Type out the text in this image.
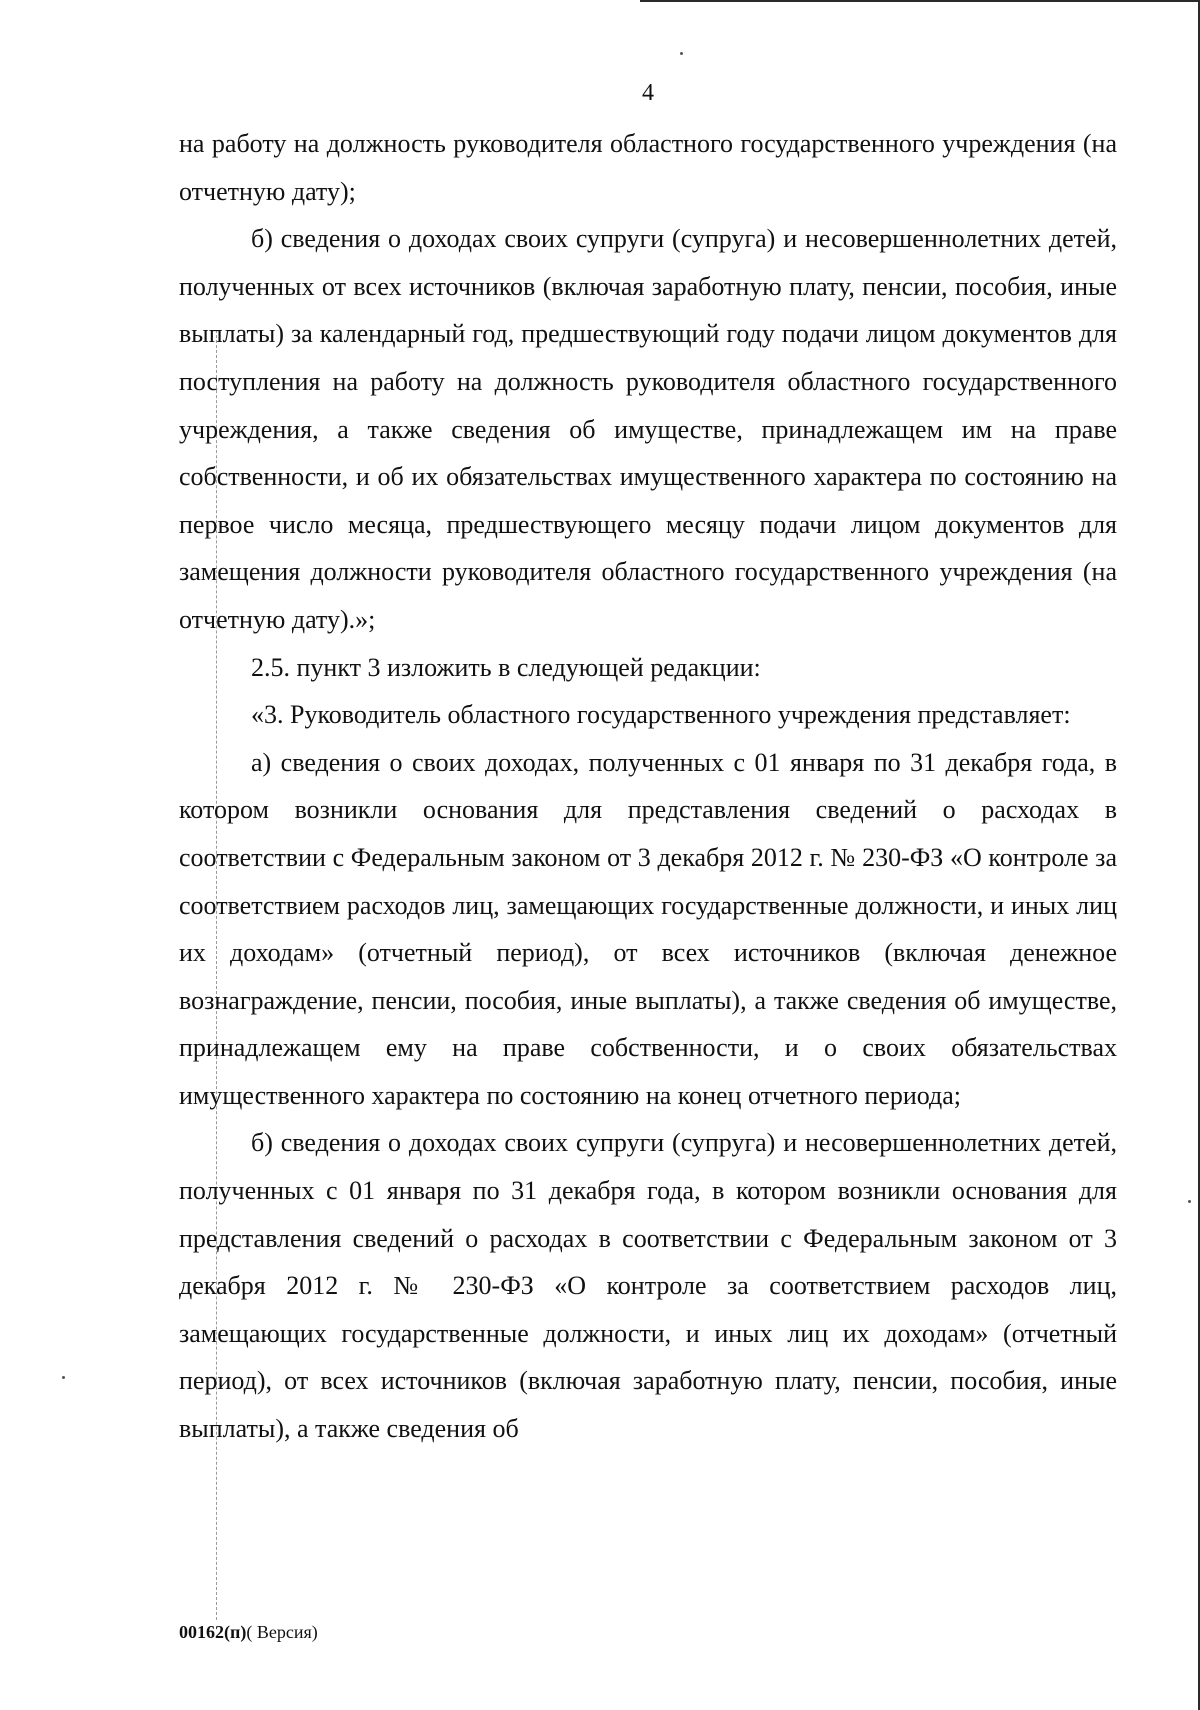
4

на работу на должность руководителя областного государственного учреждения (на отчетную дату);

б) сведения о доходах своих супруги (супруга) и несовершеннолетних детей, полученных от всех источников (включая заработную плату, пенсии, пособия, иные выплаты) за календарный год, предшествующий году подачи лицом документов для поступления на работу на должность руководителя областного государственного учреждения, а также сведения об имуществе, принадлежащем им на праве собственности, и об их обязательствах имущественного характера по состоянию на первое число месяца, предшествующего месяцу подачи лицом документов для замещения должности руководителя областного государственного учреждения (на отчетную дату).»;

2.5. пункт 3 изложить в следующей редакции:

«3. Руководитель областного государственного учреждения представляет:

а) сведения о своих доходах, полученных с 01 января по 31 декабря года, в котором возникли основания для представления сведений о расходах в соответствии с Федеральным законом от 3 декабря 2012 г. № 230-ФЗ «О контроле за соответствием расходов лиц, замещающих государственные должности, и иных лиц их доходам» (отчетный период), от всех источников (включая денежное вознаграждение, пенсии, пособия, иные выплаты), а также сведения об имуществе, принадлежащем ему на праве собственности, и о своих обязательствах имущественного характера по состоянию на конец отчетного периода;

б) сведения о доходах своих супруги (супруга) и несовершеннолетних детей, полученных с 01 января по 31 декабря года, в котором возникли основания для представления сведений о расходах в соответствии с Федеральным законом от 3 декабря 2012 г. № 230-ФЗ «О контроле за соответствием расходов лиц, замещающих государственные должности, и иных лиц их доходам» (отчетный период), от всех источников (включая заработную плату, пенсии, пособия, иные выплаты), а также сведения об

00162(п)( Версия)
